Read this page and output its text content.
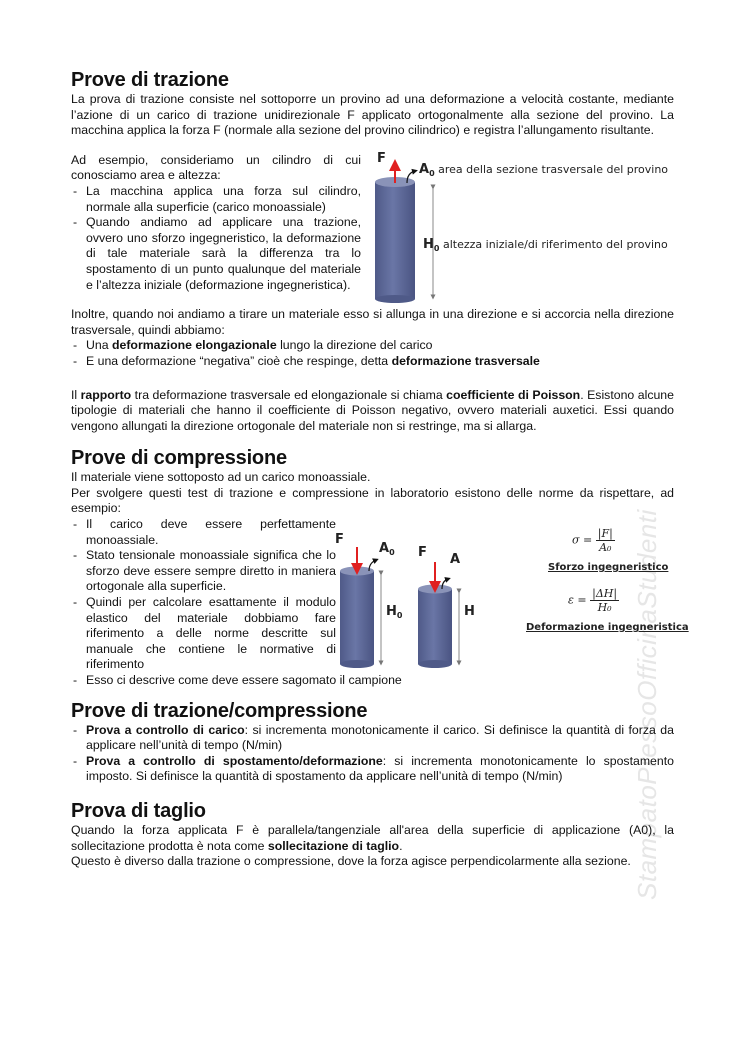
StampatoPressoOfficinaStudenti
Prove di trazione

La prova di trazione consiste nel sottoporre un provino ad una deformazione a velocità costante, mediante l’azione di un carico di trazione unidirezionale F applicato ortogonalmente alla sezione del provino. La macchina applica la forza F (normale alla sezione del provino cilindrico) e registra l’allungamento risultante.

Ad esempio, consideriamo un cilindro di cui conosciamo area e altezza:

- La macchina applica una forza sul cilindro, normale alla superficie (carico monoassiale)
- Quando andiamo ad applicare una trazione, ovvero uno sforzo ingegneristico, la deformazione di tale materiale sarà la differenza tra lo spostamento di un punto qualunque del materiale e l’altezza iniziale (deformazione ingegneristica).
F
$A_0$ area della sezione trasversale del provino
$H_0$ altezza iniziale/di riferimento del provino

Inoltre, quando noi andiamo a tirare un materiale esso si allunga in una direzione e si accorcia nella direzione trasversale, quindi abbiamo:

- Una deformazione elongazionale lungo la direzione del carico
- E una deformazione “negativa” cioè che respinge, detta deformazione trasversale

Il rapporto tra deformazione trasversale ed elongazionale si chiama coefficiente di Poisson. Esistono alcune tipologie di materiali che hanno il coefficiente di Poisson negativo, ovvero materiali auxetici. Essi quando vengono allungati la direzione ortogonale del materiale non si restringe, ma si allarga.

Prove di compressione

Il materiale viene sottoposto ad un carico monoassiale.

Per svolgere questi test di trazione e compressione in laboratorio esistono delle norme da rispettare, ad esempio:

- Il carico deve essere perfettamente monoassiale.
- Stato tensionale monoassiale significa che lo sforzo deve essere sempre diretto in maniera ortogonale alla superficie.
- Quindi per calcolare esattamente il modulo elastico del materiale dobbiamo fare riferimento a delle norme descritte sul manuale che contiene le normative di riferimento
F
$A_0$
$H_0$
F A
H
$\sigma = \frac{|F|}{\text{A₀}}$
Sforzo ingegneristico
$\varepsilon = \frac{|\Delta H|}{\text{H₀}}$
Deformazione ingegneristica
- Esso ci descrive come deve essere sagomato il campione
Prove di trazione/compressione
- Prova a controllo di carico: si incrementa monotonicamente il carico. Si definisce la quantità di forza da applicare nell’unità di tempo (N/min)
- Prova a controllo di spostamento/deformazione: si incrementa monotonicamente lo spostamento imposto. Si definisce la quantità di spostamento da applicare nell’unità di tempo (N/min)
Prova di taglio

Quando la forza applicata F è parallela/tangenziale all'area della superficie di applicazione (A0), la sollecitazione prodotta è nota come sollecitazione di taglio.

Questo è diverso dalla trazione o compressione, dove la forza agisce perpendicolarmente alla sezione.
